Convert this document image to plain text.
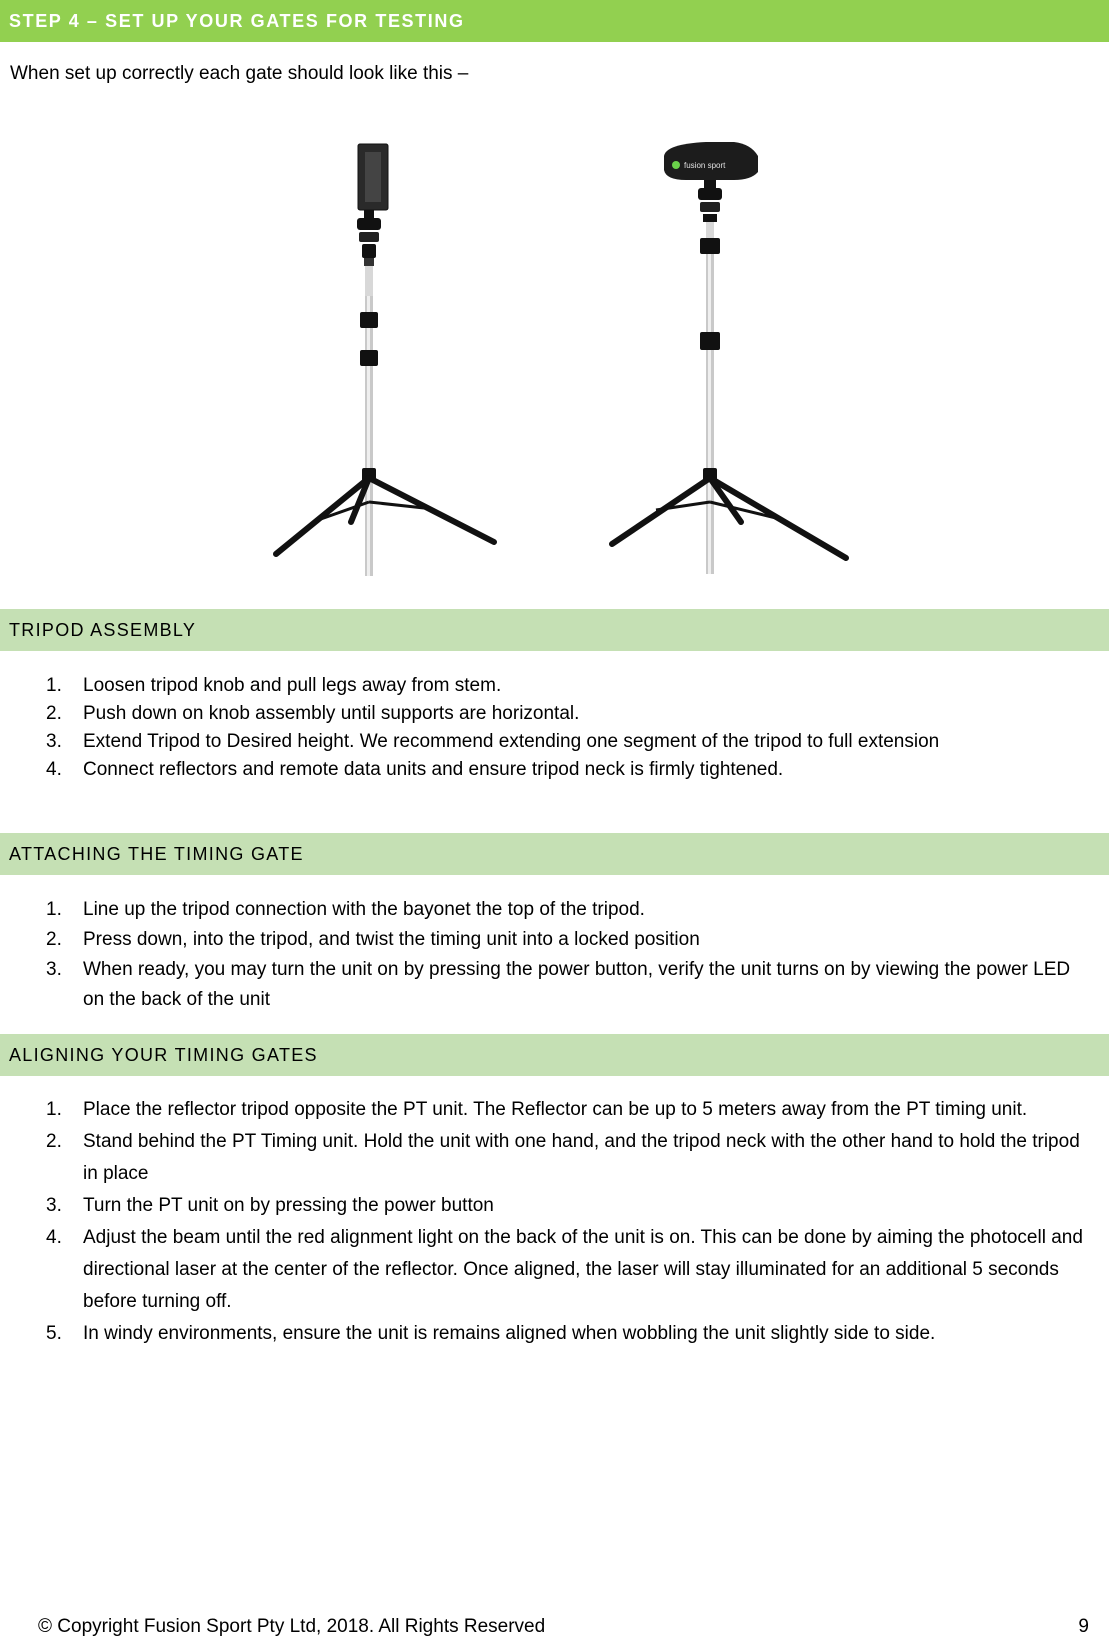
STEP 4 – SET UP YOUR GATES FOR TESTING
When set up correctly each gate should look like this –
fusion sport
TRIPOD ASSEMBLY
1. Loosen tripod knob and pull legs away from stem.
2. Push down on knob assembly until supports are horizontal.
3. Extend Tripod to Desired height. We recommend extending one segment of the tripod to full extension
4. Connect reflectors and remote data units and ensure tripod neck is firmly tightened.
ATTACHING THE TIMING GATE
1. Line up the tripod connection with the bayonet the top of the tripod.
2. Press down, into the tripod, and twist the timing unit into a locked position
3. When ready, you may turn the unit on by pressing the power button, verify the unit turns on by viewing the power LED on the back of the unit
ALIGNING YOUR TIMING GATES
1. Place the reflector tripod opposite the PT unit. The Reflector can be up to 5 meters away from the PT timing unit.
2. Stand behind the PT Timing unit. Hold the unit with one hand, and the tripod neck with the other hand to hold the tripod in place
3. Turn the PT unit on by pressing the power button
4. Adjust the beam until the red alignment light on the back of the unit is on. This can be done by aiming the photocell and directional laser at the center of the reflector. Once aligned, the laser will stay illuminated for an additional 5 seconds before turning off.
5. In windy environments, ensure the unit is remains aligned when wobbling the unit slightly side to side.
© Copyright Fusion Sport Pty Ltd, 2018. All Rights Reserved	9
